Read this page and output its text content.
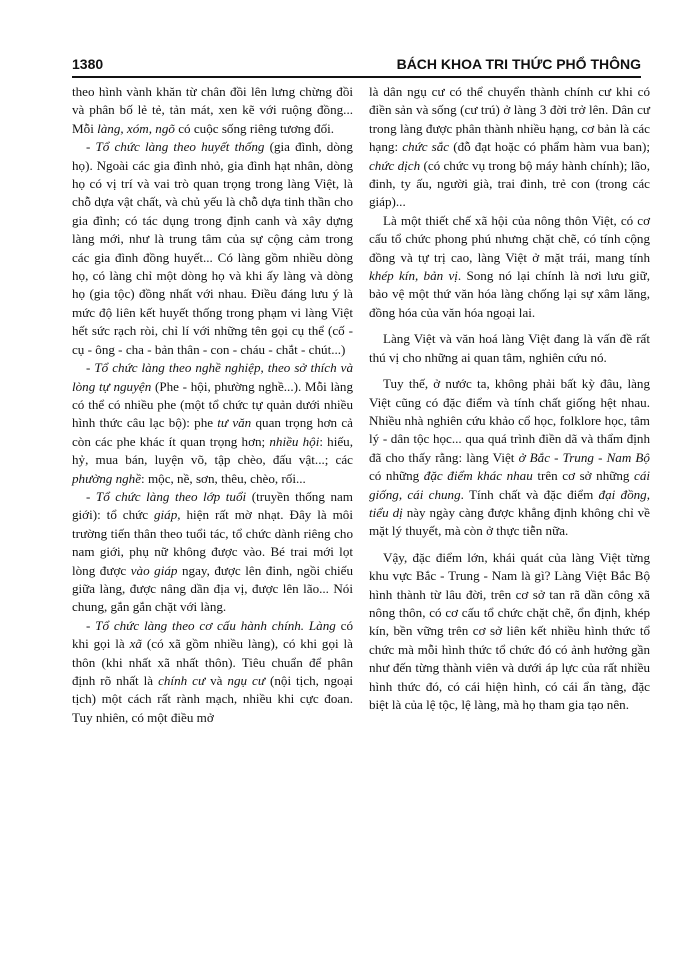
1380	BÁCH KHOA TRI THỨC PHỔ THÔNG

theo hình vành khăn từ chân đồi lên lưng chừng đồi và phân bố lẻ tẻ, tản mát, xen kẽ với ruộng đồng... Mỗi làng, xóm, ngõ có cuộc sống riêng tương đối.

- Tổ chức làng theo huyết thống (gia đình, dòng họ). Ngoài các gia đình nhỏ, gia đình hạt nhân, dòng họ có vị trí và vai trò quan trọng trong làng Việt, là chỗ dựa vật chất, và chủ yếu là chỗ dựa tinh thần cho gia đình; có tác dụng trong định canh và xây dựng làng mới, như là trung tâm của sự cộng cảm trong các gia đình đồng huyết... Có làng gồm nhiều dòng họ, có làng chỉ một dòng họ và khi ấy làng và dòng họ (gia tộc) đồng nhất với nhau. Điều đáng lưu ý là mức độ liên kết huyết thống trong phạm vi làng Việt hết sức rạch ròi, chỉ lí với những tên gọi cụ thể (cố - cụ - ông - cha - bản thân - con - cháu - chắt - chút...)

- Tổ chức làng theo nghề nghiệp, theo sở thích và lòng tự nguyện (Phe - hội, phường nghề...). Mỗi làng có thể có nhiều phe (một tổ chức tự quản dưới nhiều hình thức câu lạc bộ): phe tư văn quan trọng hơn cả còn các phe khác ít quan trọng hơn; nhiều hội: hiếu, hỷ, mua bán, luyện võ, tập chèo, đấu vật...; các phường nghề: mộc, nề, sơn, thêu, chèo, rối...

- Tổ chức làng theo lớp tuổi (truyền thống nam giới): tổ chức giáp, hiện rất mờ nhạt. Đây là môi trường tiến thân theo tuổi tác, tổ chức dành riêng cho nam giới, phụ nữ không được vào. Bé trai mới lọt lòng được vào giáp ngay, được lên đinh, ngồi chiếu giữa làng, được nâng dần địa vị, được lên lão... Nói chung, gắn gắn chặt với làng.

- Tổ chức làng theo cơ cấu hành chính. Làng có khi gọi là xã (có xã gồm nhiều làng), có khi gọi là thôn (khi nhất xã nhất thôn). Tiêu chuẩn để phân định rõ nhất là chính cư và ngụ cư (nội tịch, ngoại tịch) một cách rất rành mạch, nhiều khi cực đoan. Tuy nhiên, có một điều mở

là dân ngụ cư có thể chuyển thành chính cư khi có điền sản và sống (cư trú) ở làng 3 đời trở lên. Dân cư trong làng được phân thành nhiều hạng, cơ bản là các hạng: chức sắc (đỗ đạt hoặc có phẩm hàm vua ban); chức dịch (có chức vụ trong bộ máy hành chính); lão, đinh, ty ấu, người già, trai đinh, trẻ con (trong các giáp)...

Là một thiết chế xã hội của nông thôn Việt, có cơ cấu tổ chức phong phú nhưng chặt chẽ, có tính cộng đồng và tự trị cao, làng Việt ở mặt trái, mang tính khép kín, bản vị. Song nó lại chính là nơi lưu giữ, bảo vệ một thứ văn hóa làng chống lại sự xâm lăng, đồng hóa của văn hóa ngoại lai.

Làng Việt và văn hoá làng Việt đang là vấn đề rất thú vị cho những ai quan tâm, nghiên cứu nó.

Tuy thế, ở nước ta, không phải bất kỳ đâu, làng Việt cũng có đặc điểm và tính chất giống hệt nhau. Nhiều nhà nghiên cứu khảo cổ học, folklore học, tâm lý - dân tộc học... qua quá trình điền dã và thẩm định đã cho thấy rằng: làng Việt ở Bắc - Trung - Nam Bộ có những đặc điểm khác nhau trên cơ sở những cái giống, cái chung. Tính chất và đặc điểm đại đồng, tiểu dị này ngày càng được khẳng định không chỉ về mặt lý thuyết, mà còn ở thực tiễn nữa.

Vậy, đặc điểm lớn, khái quát của làng Việt từng khu vực Bắc - Trung - Nam là gì? Làng Việt Bắc Bộ hình thành từ lâu đời, trên cơ sở tan rã dần công xã nông thôn, có cơ cấu tổ chức chặt chẽ, ổn định, khép kín, bền vững trên cơ sở liên kết nhiều hình thức tổ chức mà mỗi hình thức tổ chức đó có ảnh hưởng gần như đến từng thành viên và dưới áp lực của rất nhiều hình thức đó, có cái hiện hình, có cái ẩn tàng, đặc biệt là của lệ tộc, lệ làng, mà họ tham gia tạo nên.
